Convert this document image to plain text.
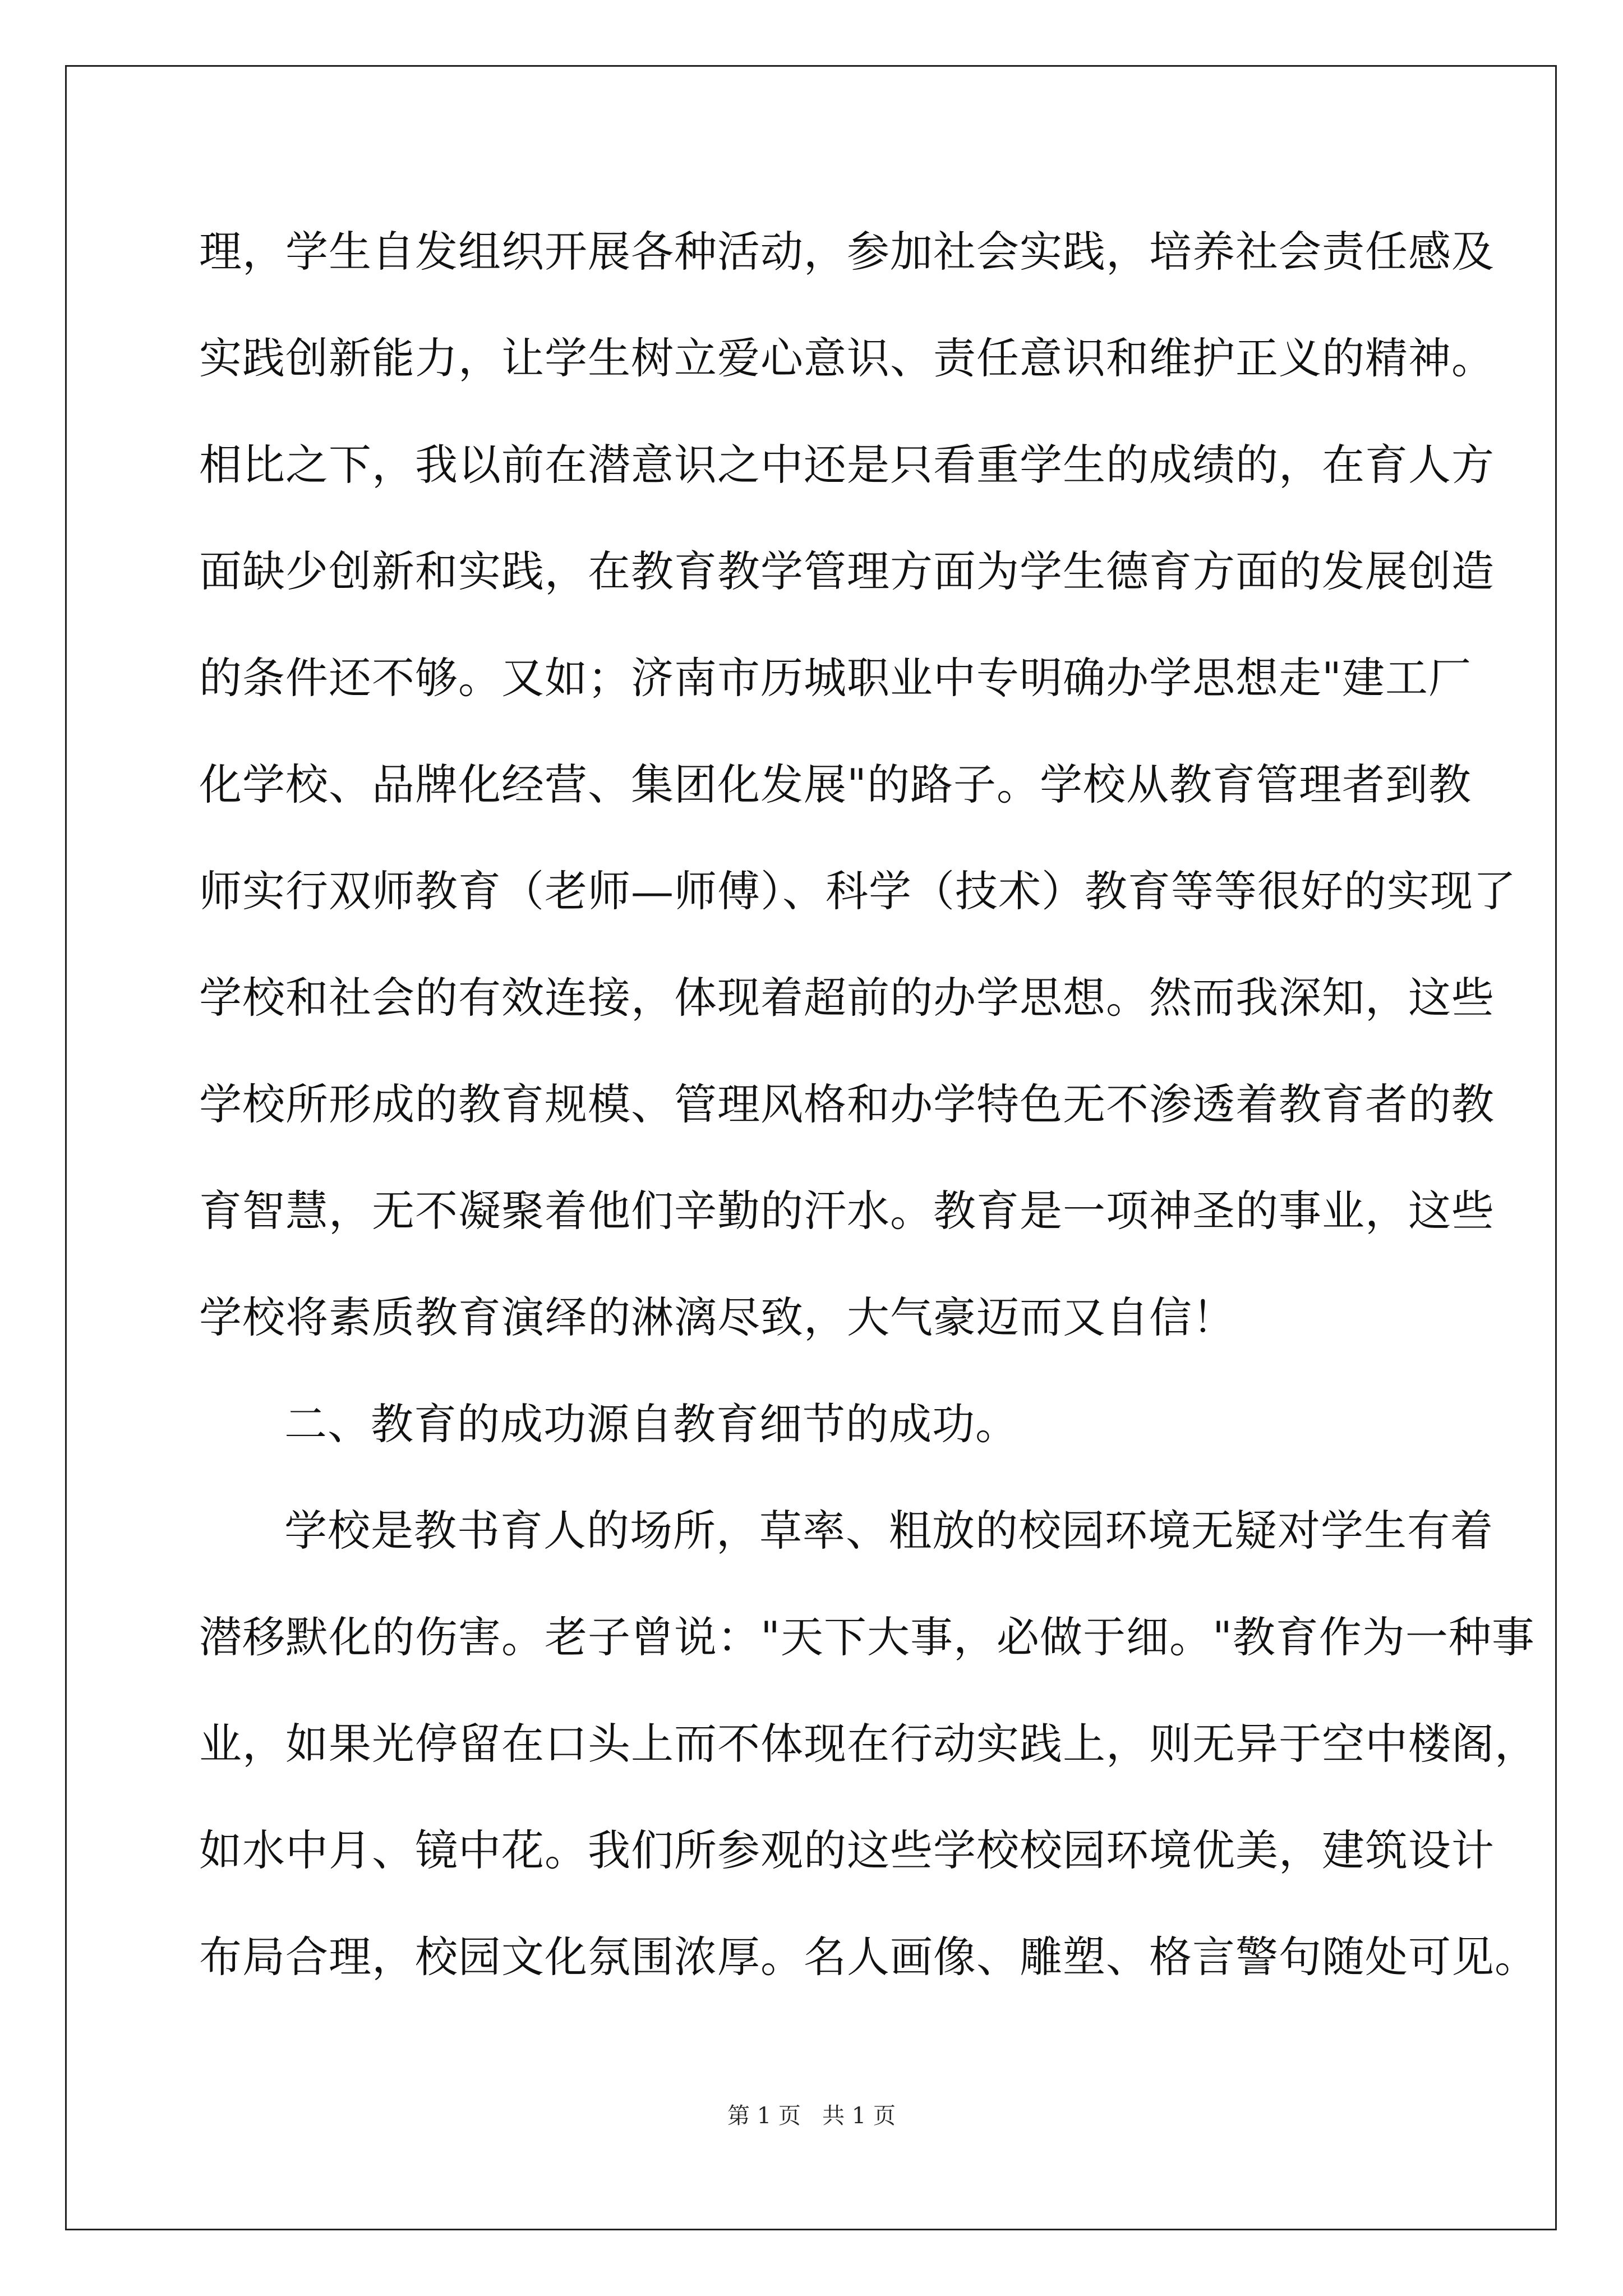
理，学生自发组织开展各种活动，参加社会实践，培养社会责任感及
实践创新能力，让学生树立爱心意识、责任意识和维护正义的精神。
相比之下，我以前在潜意识之中还是只看重学生的成绩的，在育人方
面缺少创新和实践，在教育教学管理方面为学生德育方面的发展创造
的条件还不够。又如；济南市历城职业中专明确办学思想走"建工厂
化学校、品牌化经营、集团化发展"的路子。学校从教育管理者到教
师实行双师教育（老师—师傅）、科学（技术）教育等等很好的实现了
学校和社会的有效连接，体现着超前的办学思想。然而我深知，这些
学校所形成的教育规模、管理风格和办学特色无不渗透着教育者的教
育智慧，无不凝聚着他们辛勤的汗水。教育是一项神圣的事业，这些
学校将素质教育演绎的淋漓尽致，大气豪迈而又自信！
二、教育的成功源自教育细节的成功。
学校是教书育人的场所，草率、粗放的校园环境无疑对学生有着
潜移默化的伤害。老子曾说："天下大事，必做于细。"教育作为一种事
业，如果光停留在口头上而不体现在行动实践上，则无异于空中楼阁，
如水中月、镜中花。我们所参观的这些学校校园环境优美，建筑设计
布局合理，校园文化氛围浓厚。名人画像、雕塑、格言警句随处可见。
第 1 页   共 1 页
